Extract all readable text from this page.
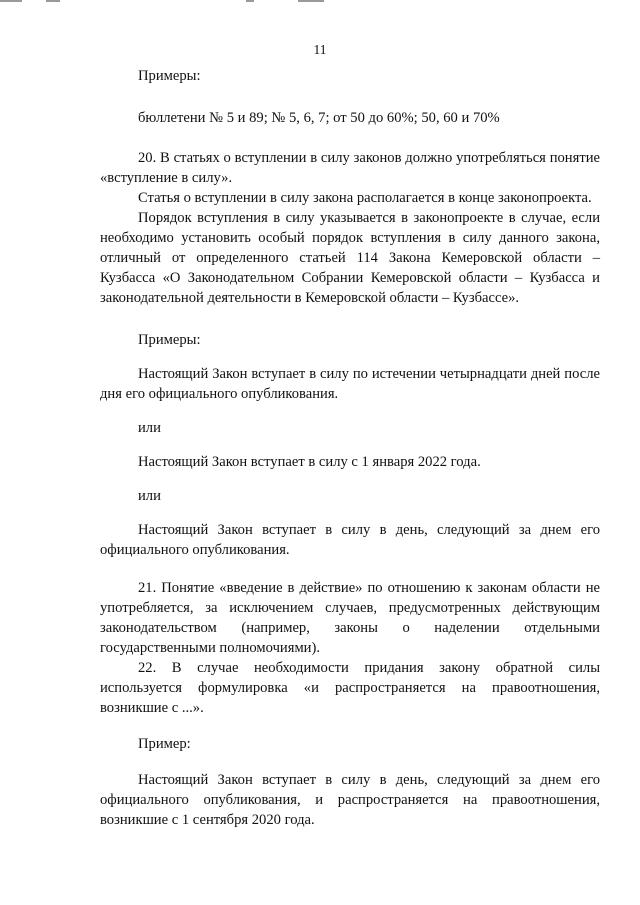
11

Примеры:

бюллетени № 5 и 89; № 5, 6, 7; от 50 до 60%; 50, 60 и 70%

20. В статьях о вступлении в силу законов должно употребляться понятие «вступление в силу».

Статья о вступлении в силу закона располагается в конце законопроекта.

Порядок вступления в силу указывается в законопроекте в случае, если необходимо установить особый порядок вступления в силу данного закона, отличный от определенного статьей 114 Закона Кемеровской области – Кузбасса «О Законодательном Собрании Кемеровской области – Кузбасса и законодательной деятельности в Кемеровской области – Кузбассе».

Примеры:

Настоящий Закон вступает в силу по истечении четырнадцати дней после дня его официального опубликования.

или

Настоящий Закон вступает в силу с 1 января 2022 года.

или

Настоящий Закон вступает в силу в день, следующий за днем его официального опубликования.

21. Понятие «введение в действие» по отношению к законам области не употребляется, за исключением случаев, предусмотренных действующим законодательством (например, законы о наделении отдельными государственными полномочиями).

22. В случае необходимости придания закону обратной силы используется формулировка «и распространяется на правоотношения, возникшие с ...».

Пример:

Настоящий Закон вступает в силу в день, следующий за днем его официального опубликования, и распространяется на правоотношения, возникшие с 1 сентября 2020 года.
